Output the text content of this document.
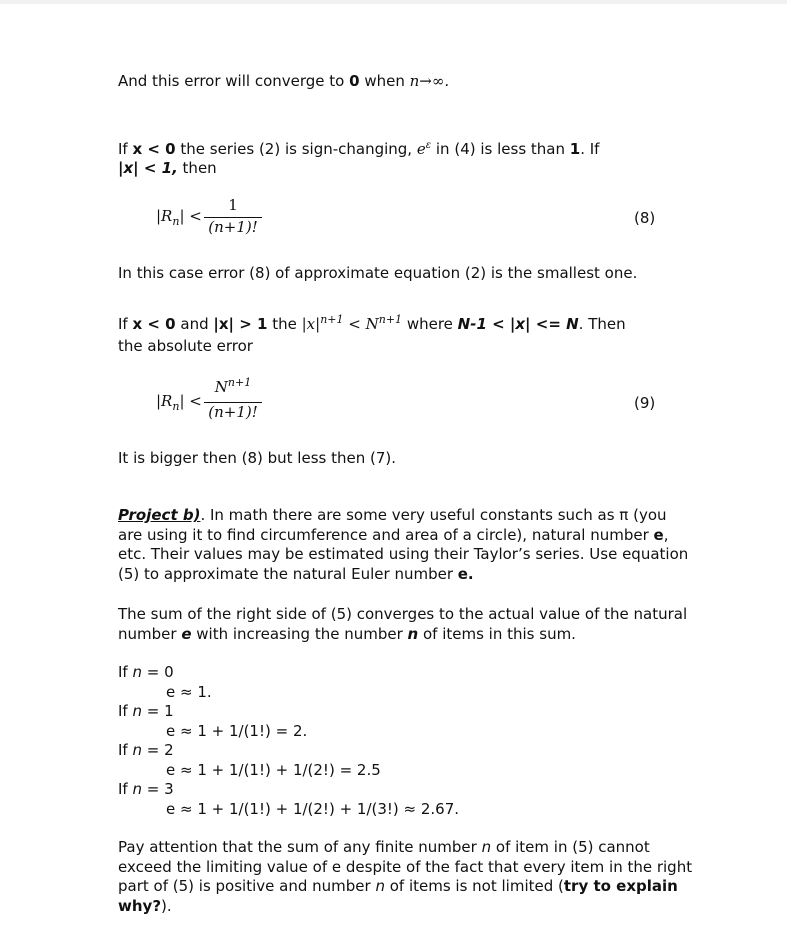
And this error will converge to 0 when n→∞.
If x < 0 the series (2) is sign-changing, $e^\varepsilon$ in (4) is less than 1. If
|x| < 1, then
$|R_n|$ <
1
(n+1)!	(8)
In this case error (8) of approximate equation (2) is the smallest one.
If x < 0 and |x| > 1 the $|x|^{n+1} < N^{n+1}$ where N-1 < |x| <= N. Then
the absolute error
$|R_n|$ <
$N^{n+1}$
(n+1)!	(9)
It is bigger then (8) but less then (7).
Project b). In math there are some very useful constants such as π (you are using it to find circumference and area of a circle), natural number e, etc. Their values may be estimated using their Taylor’s series. Use equation (5) to approximate the natural Euler number e.
The sum of the right side of (5) converges to the actual value of the natural number e with increasing the number n of items in this sum.
If n = 0
e ≈ 1.
If n = 1
e ≈ 1 + 1/(1!) = 2.
If n = 2
e ≈ 1 + 1/(1!) + 1/(2!) = 2.5
If n = 3
e ≈ 1 + 1/(1!) + 1/(2!) + 1/(3!) ≈ 2.67.
Pay attention that the sum of any finite number n of item in (5) cannot exceed the limiting value of e despite of the fact that every item in the right part of (5) is positive and number n of items is not limited (try to explain why?).
